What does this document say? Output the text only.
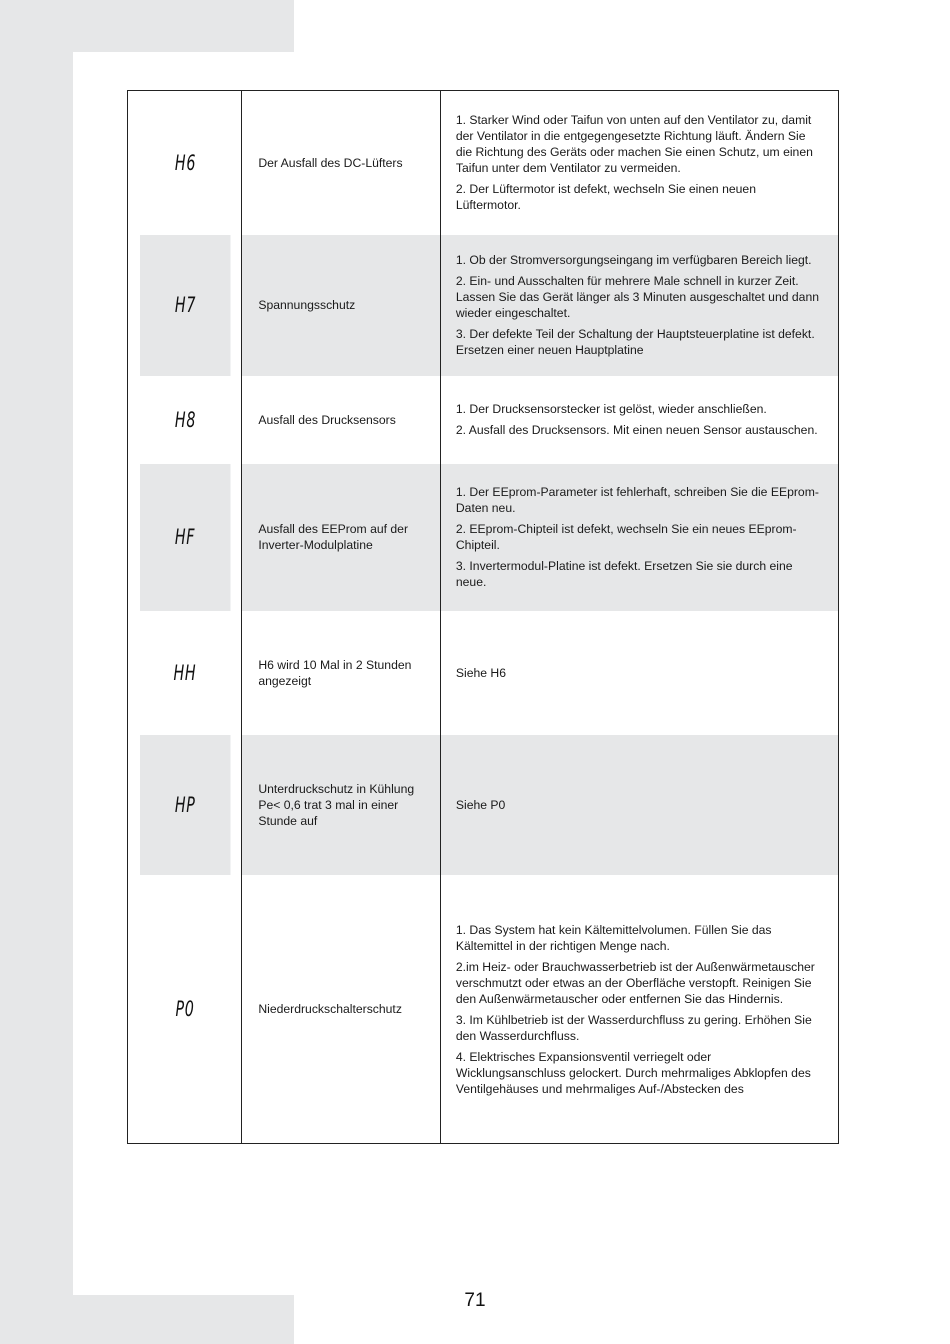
H6	Der Ausfall des DC-Lüfters	1. Starker Wind oder Taifun von unten auf den Ventilator zu, damit der Ventilator in die entgegengesetzte Richtung läuft. Ändern Sie die Richtung des Geräts oder machen Sie einen Schutz, um einen Taifun unter dem Ventilator zu vermeiden.

2. Der Lüftermotor ist defekt, wechseln Sie einen neuen Lüftermotor.

H7	Spannungsschutz	1. Ob der Stromversorgungseingang im verfügbaren Bereich liegt.

2. Ein- und Ausschalten für mehrere Male schnell in kurzer Zeit. Lassen Sie das Gerät länger als 3 Minuten ausgeschaltet und dann wieder eingeschaltet.

3. Der defekte Teil der Schaltung der Hauptsteuerplatine ist defekt. Ersetzen einer neuen Hauptplatine

H8	Ausfall des Drucksensors	1. Der Drucksensorstecker ist gelöst, wieder anschließen.

2. Ausfall des Drucksensors. Mit einen neuen Sensor austauschen.

HF	Ausfall des EEProm auf der Inverter-Modulplatine	1. Der EEprom-Parameter ist fehlerhaft, schreiben Sie die EEprom-Daten neu.

2. EEprom-Chipteil ist defekt, wechseln Sie ein neues EEprom-Chipteil.

3. Invertermodul-Platine ist defekt. Ersetzen Sie sie durch eine neue.

HH	H6 wird 10 Mal in 2 Stunden angezeigt	Siehe H6

HP	Unterdruckschutz in Kühlung Pe< 0,6 trat 3 mal in einer Stunde auf	Siehe P0

P0	Niederdruckschalterschutz	1. Das System hat kein Kältemittelvolumen. Füllen Sie das Kältemittel in der richtigen Menge nach.

2.im Heiz- oder Brauchwasserbetrieb ist der Außenwärmetauscher verschmutzt oder etwas an der Oberfläche verstopft. Reinigen Sie den Außenwärmetauscher oder entfernen Sie das Hindernis.

3. Im Kühlbetrieb ist der Wasserdurchfluss zu gering. Erhöhen Sie den Wasserdurchfluss.

4. Elektrisches Expansionsventil verriegelt oder Wicklungsanschluss gelockert. Durch mehrmaliges Abklopfen des Ventilgehäuses und mehrmaliges Auf-/Abstecken des

71
